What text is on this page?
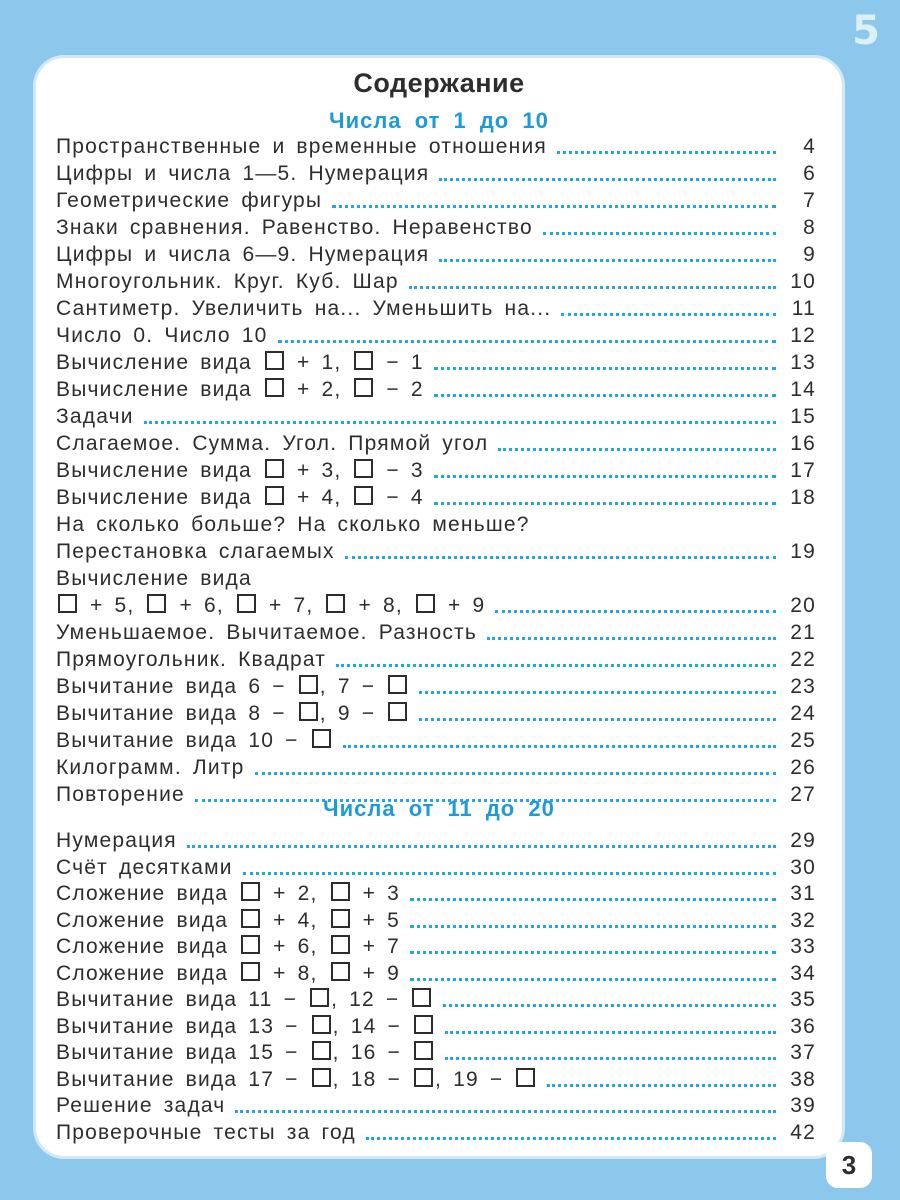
5
Содержание
Числа от 1 до 10
Пространственные и временные отношения	4
Цифры и числа 1—5. Нумерация	6
Геометрические фигуры	7
Знаки сравнения. Равенство. Неравенство	8
Цифры и числа 6—9. Нумерация	9
Многоугольник. Круг. Куб. Шар	10
Сантиметр. Увеличить на... Уменьшить на...	11
Число 0. Число 10	12
Вычисление вида  + 1,  − 1	13
Вычисление вида  + 2,  − 2	14
Задачи	15
Слагаемое. Сумма. Угол. Прямой угол	16
Вычисление вида  + 3,  − 3	17
Вычисление вида  + 4,  − 4	18
На сколько больше? На сколько меньше?
Перестановка слагаемых	19
Вычисление вида
+ 5,  + 6,  + 7,  + 8,  + 9	20
Уменьшаемое. Вычитаемое. Разность	21
Прямоугольник. Квадрат	22
Вычитание вида 6 − , 7 −	23
Вычитание вида 8 − , 9 −	24
Вычитание вида 10 −	25
Килограмм. Литр	26
Повторение	27
Числа от 11 до 20
Нумерация	29
Счёт десятками	30
Сложение вида  + 2,  + 3	31
Сложение вида  + 4,  + 5	32
Сложение вида  + 6,  + 7	33
Сложение вида  + 8,  + 9	34
Вычитание вида 11 − , 12 −	35
Вычитание вида 13 − , 14 −	36
Вычитание вида 15 − , 16 −	37
Вычитание вида 17 − , 18 − , 19 −	38
Решение задач	39
Проверочные тесты за год	42
3
